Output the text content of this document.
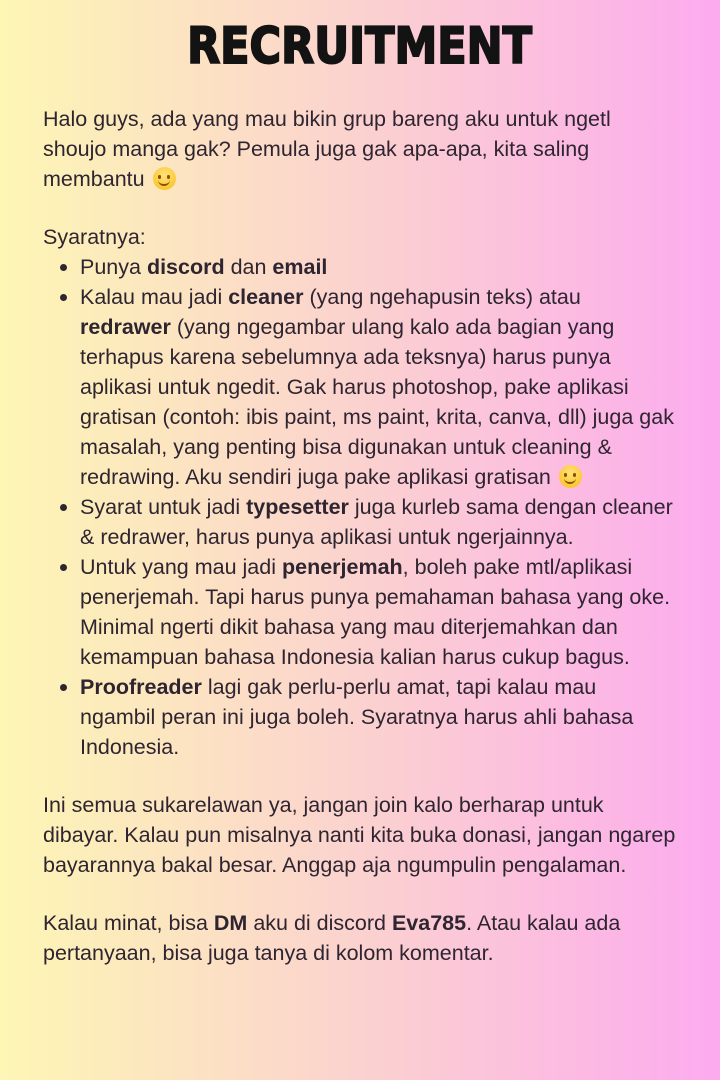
RECRUITMENT

Halo guys, ada yang mau bikin grup bareng aku untuk ngetl shoujo manga gak? Pemula juga gak apa-apa, kita saling membantu

Syaratnya:

Punya discord dan email
Kalau mau jadi cleaner (yang ngehapusin teks) atau redrawer (yang ngegambar ulang kalo ada bagian yang terhapus karena sebelumnya ada teksnya) harus punya aplikasi untuk ngedit. Gak harus photoshop, pake aplikasi gratisan (contoh: ibis paint, ms paint, krita, canva, dll) juga gak masalah, yang penting bisa digunakan untuk cleaning & redrawing. Aku sendiri juga pake aplikasi gratisan
Syarat untuk jadi typesetter juga kurleb sama dengan cleaner & redrawer, harus punya aplikasi untuk ngerjainnya.
Untuk yang mau jadi penerjemah, boleh pake mtl/aplikasi penerjemah. Tapi harus punya pemahaman bahasa yang oke. Minimal ngerti dikit bahasa yang mau diterjemahkan dan kemampuan bahasa Indonesia kalian harus cukup bagus.
Proofreader lagi gak perlu-perlu amat, tapi kalau mau ngambil peran ini juga boleh. Syaratnya harus ahli bahasa Indonesia.

Ini semua sukarelawan ya, jangan join kalo berharap untuk dibayar. Kalau pun misalnya nanti kita buka donasi, jangan ngarep bayarannya bakal besar. Anggap aja ngumpulin pengalaman.

Kalau minat, bisa DM aku di discord Eva785. Atau kalau ada pertanyaan, bisa juga tanya di kolom komentar.
